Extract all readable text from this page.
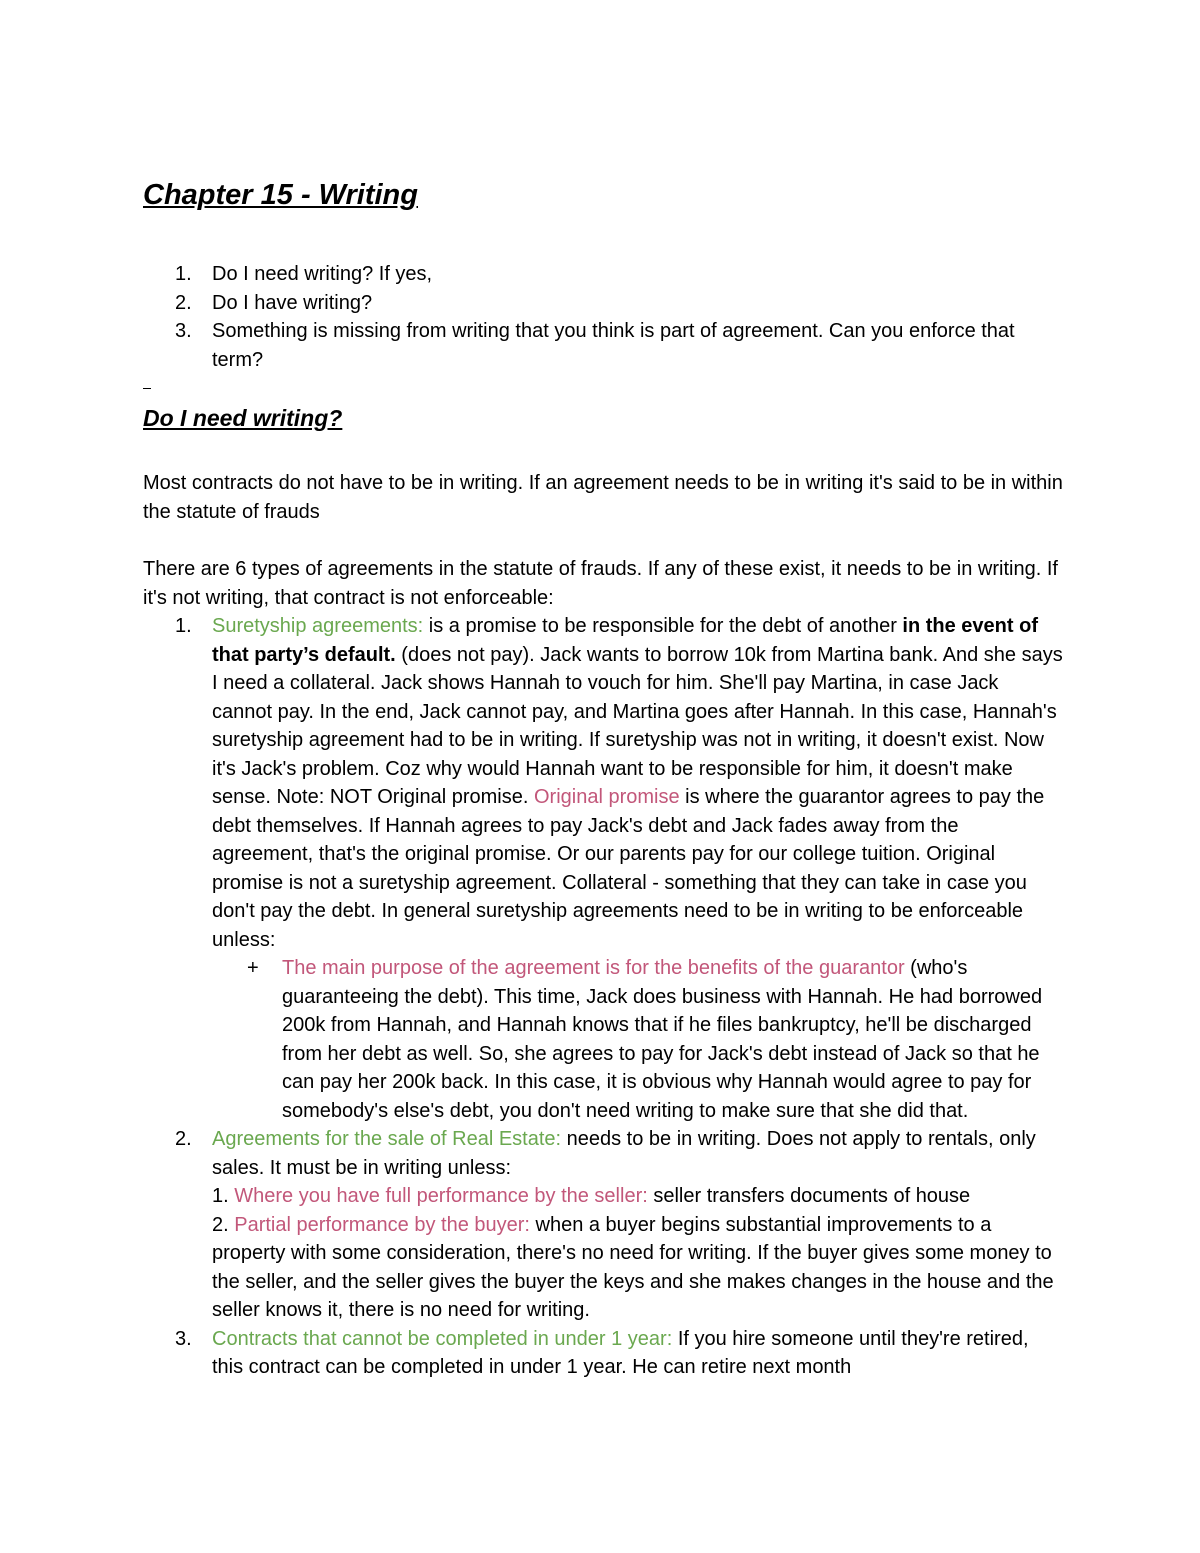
Chapter 15 - Writing
1. Do I need writing? If yes,
2. Do I have writing?
3. Something is missing from writing that you think is part of agreement. Can you enforce that term?
Do I need writing?

Most contracts do not have to be in writing. If an agreement needs to be in writing it's said to be in within the statute of frauds

There are 6 types of agreements in the statute of frauds. If any of these exist, it needs to be in writing. If it's not writing, that contract is not enforceable:

1. Suretyship agreements: is a promise to be responsible for the debt of another in the event of that party’s default. (does not pay). Jack wants to borrow 10k from Martina bank. And she says I need a collateral. Jack shows Hannah to vouch for him. She'll pay Martina, in case Jack cannot pay. In the end, Jack cannot pay, and Martina goes after Hannah. In this case, Hannah's suretyship agreement had to be in writing. If suretyship was not in writing, it doesn't exist. Now it's Jack's problem. Coz why would Hannah want to be responsible for him, it doesn't make sense. Note: NOT Original promise. Original promise is where the guarantor agrees to pay the debt themselves. If Hannah agrees to pay Jack's debt and Jack fades away from the agreement, that's the original promise. Or our parents pay for our college tuition. Original promise is not a suretyship agreement. Collateral - something that they can take in case you don't pay the debt. In general suretyship agreements need to be in writing to be enforceable unless:
+ The main purpose of the agreement is for the benefits of the guarantor (who's guaranteeing the debt). This time, Jack does business with Hannah. He had borrowed 200k from Hannah, and Hannah knows that if he files bankruptcy, he'll be discharged from her debt as well. So, she agrees to pay for Jack's debt instead of Jack so that he can pay her 200k back. In this case, it is obvious why Hannah would agree to pay for somebody's else's debt, you don't need writing to make sure that she did that.
2. Agreements for the sale of Real Estate: needs to be in writing. Does not apply to rentals, only sales. It must be in writing unless:
1. Where you have full performance by the seller: seller transfers documents of house
2. Partial performance by the buyer: when a buyer begins substantial improvements to a property with some consideration, there's no need for writing. If the buyer gives some money to the seller, and the seller gives the buyer the keys and she makes changes in the house and the seller knows it, there is no need for writing.
3. Contracts that cannot be completed in under 1 year: If you hire someone until they're retired, this contract can be completed in under 1 year. He can retire next month
